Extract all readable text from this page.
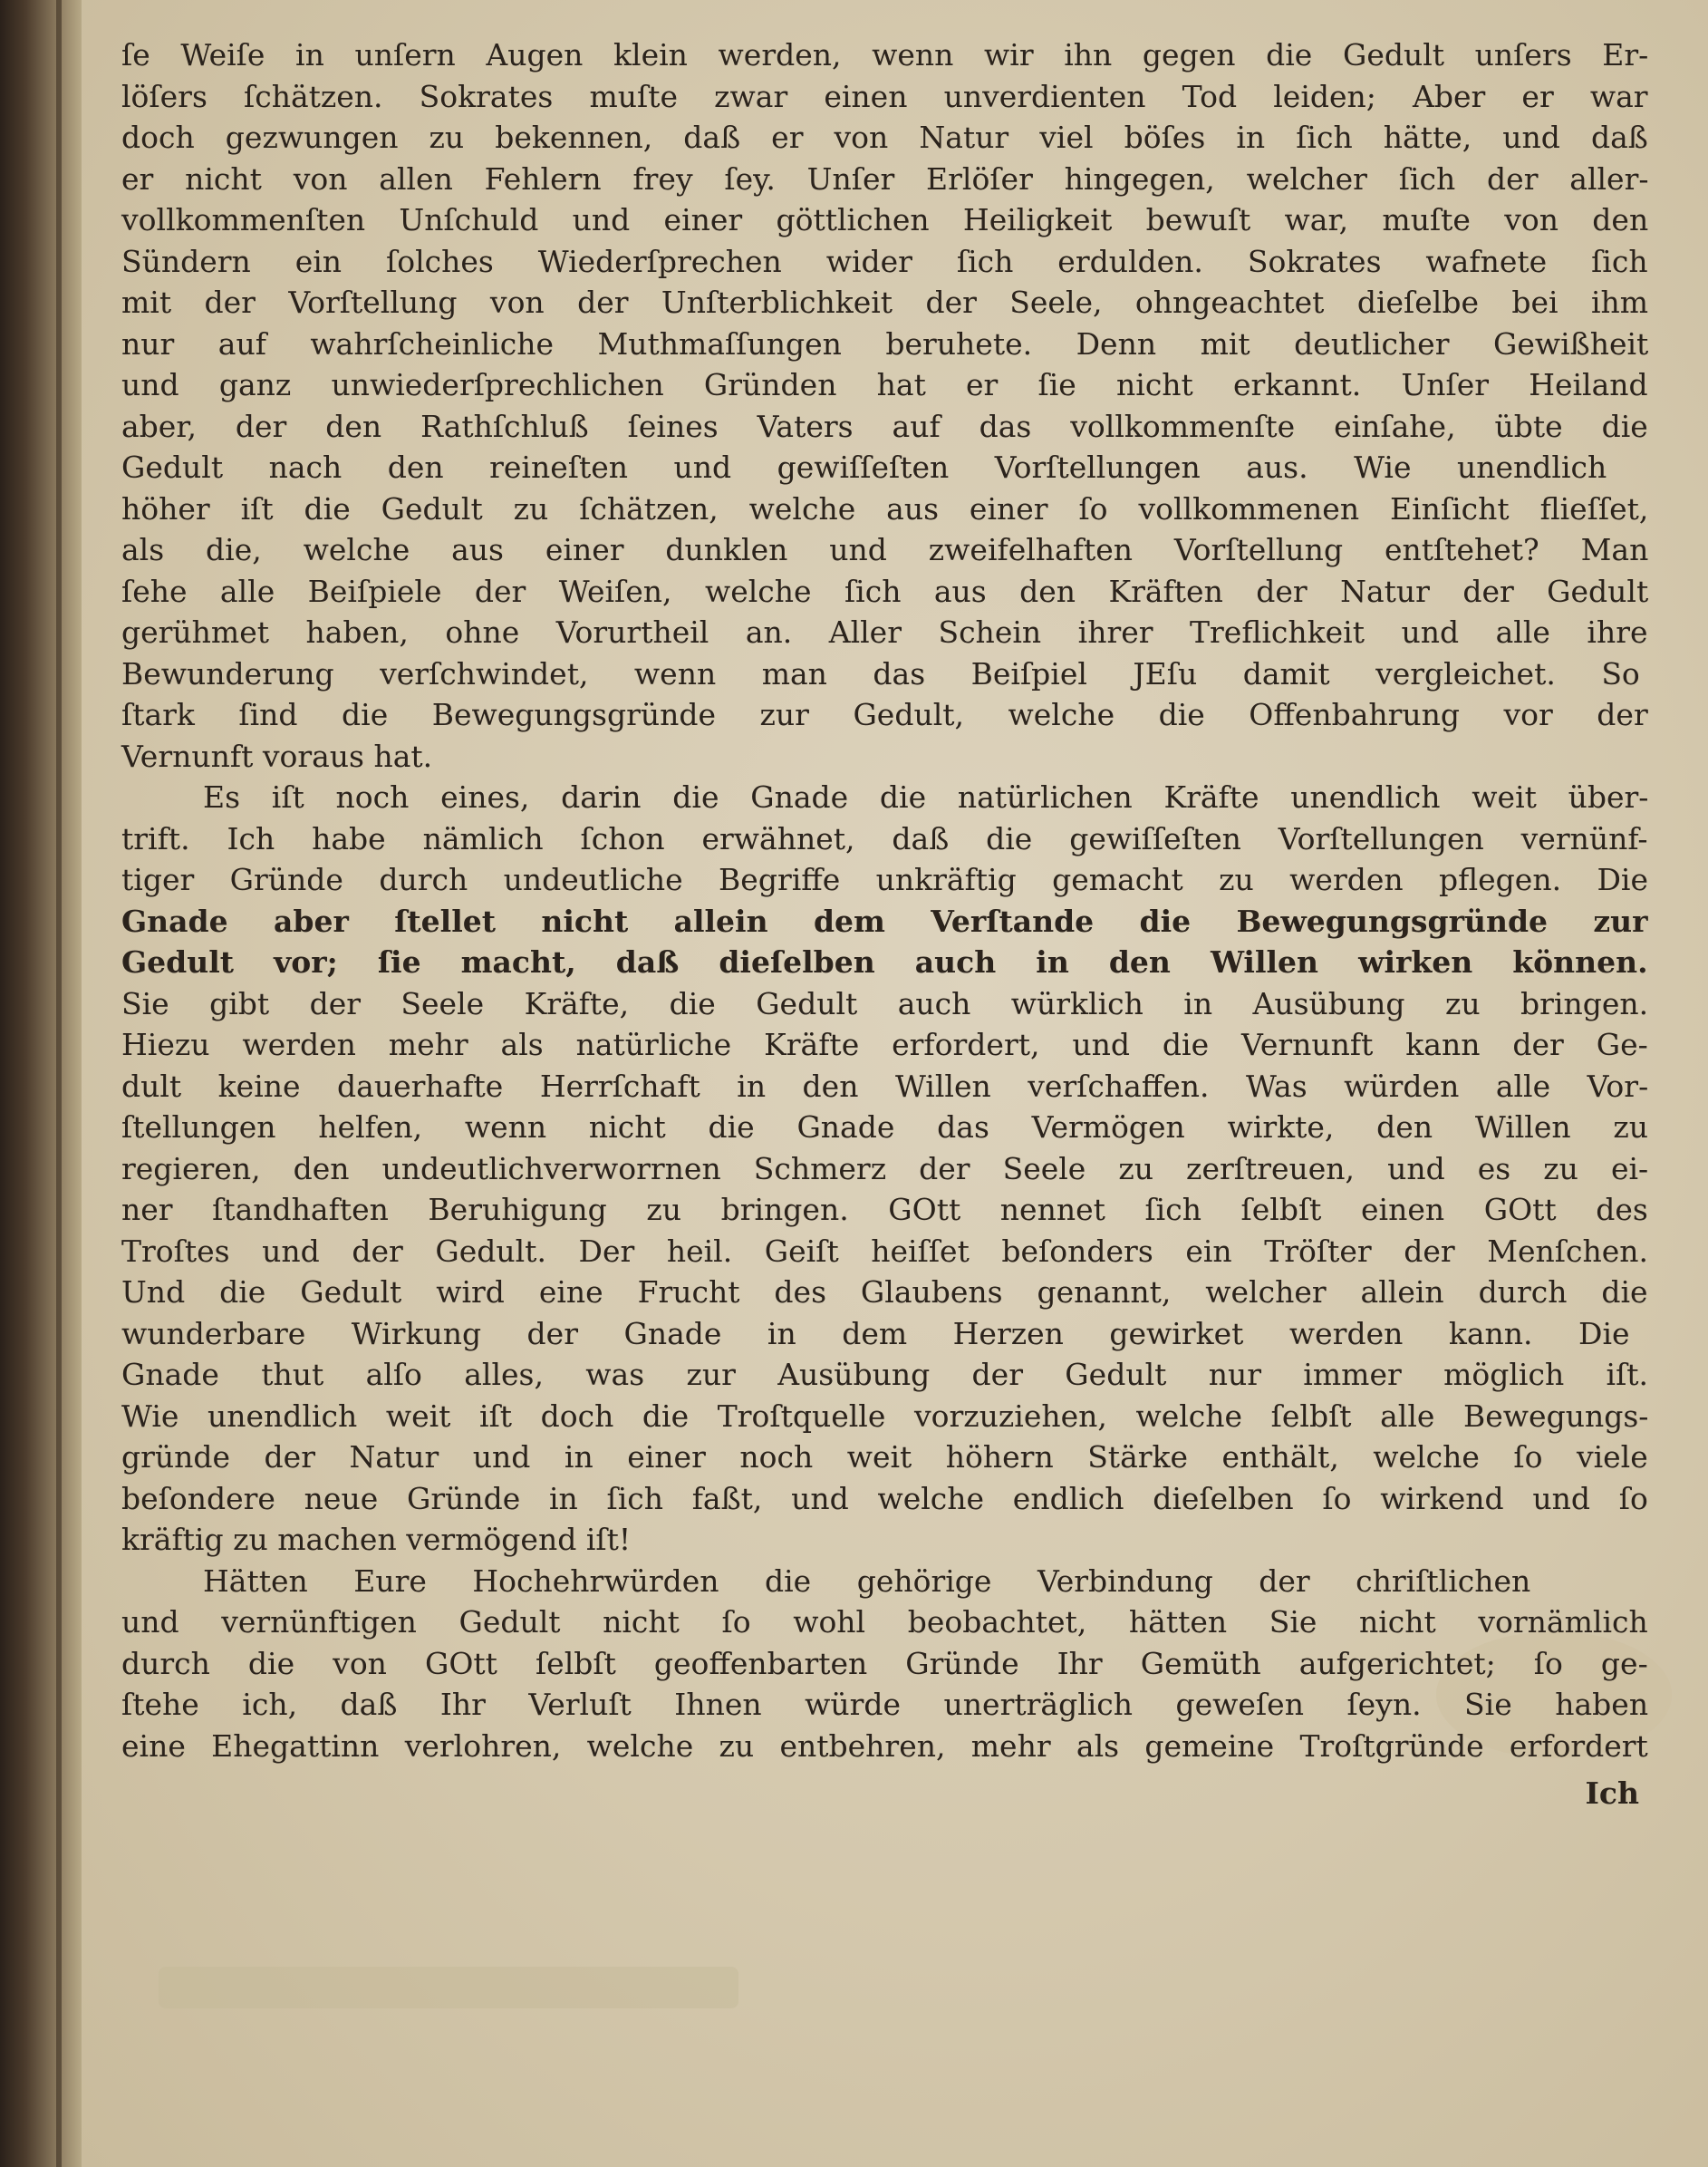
ſe Weiſe in unſern Augen klein werden, wenn wir ihn gegen die Gedult unſers Er-
löſers ſchätzen. Sokrates muſte zwar einen unverdienten Tod leiden; Aber er war
doch gezwungen zu bekennen, daß er von Natur viel böſes in ſich hätte, und daß
er nicht von allen Fehlern frey ſey. Unſer Erlöſer hingegen, welcher ſich der aller-
vollkommenſten Unſchuld und einer göttlichen Heiligkeit bewuſt war, muſte von den
Sündern ein ſolches Wiederſprechen wider ſich erdulden. Sokrates wafnete ſich
mit der Vorſtellung von der Unſterblichkeit der Seele, ohngeachtet dieſelbe bei ihm
nur auf wahrſcheinliche Muthmaſſungen beruhete. Denn mit deutlicher Gewißheit
und ganz unwiederſprechlichen Gründen hat er ſie nicht erkannt. Unſer Heiland
aber, der den Rathſchluß ſeines Vaters auf das vollkommenſte einſahe, übte die
Gedult nach den reineſten und gewiſſeſten Vorſtellungen aus. Wie unendlich
höher iſt die Gedult zu ſchätzen, welche aus einer ſo vollkommenen Einſicht flieſſet,
als die, welche aus einer dunklen und zweifelhaften Vorſtellung entſtehet? Man
ſehe alle Beiſpiele der Weiſen, welche ſich aus den Kräften der Natur der Gedult
gerühmet haben, ohne Vorurtheil an. Aller Schein ihrer Treflichkeit und alle ihre
Bewunderung verſchwindet, wenn man das Beiſpiel JEſu damit vergleichet. So
ſtark ſind die Bewegungsgründe zur Gedult, welche die Offenbahrung vor der
Vernunft voraus hat.
Es iſt noch eines, darin die Gnade die natürlichen Kräfte unendlich weit über-
trift. Ich habe nämlich ſchon erwähnet, daß die gewiſſeſten Vorſtellungen vernünf-
tiger Gründe durch undeutliche Begriffe unkräftig gemacht zu werden pflegen. Die
Gnade aber ſtellet nicht allein dem Verſtande die Bewegungsgründe zur
Gedult vor; ſie macht, daß dieſelben auch in den Willen wirken können.
Sie gibt der Seele Kräfte, die Gedult auch würklich in Ausübung zu bringen.
Hiezu werden mehr als natürliche Kräfte erfordert, und die Vernunft kann der Ge-
dult keine dauerhafte Herrſchaft in den Willen verſchaffen. Was würden alle Vor-
ſtellungen helfen, wenn nicht die Gnade das Vermögen wirkte, den Willen zu
regieren, den undeutlichverworrnen Schmerz der Seele zu zerſtreuen, und es zu ei-
ner ſtandhaften Beruhigung zu bringen. GOtt nennet ſich ſelbſt einen GOtt des
Troſtes und der Gedult. Der heil. Geiſt heiſſet beſonders ein Tröſter der Menſchen.
Und die Gedult wird eine Frucht des Glaubens genannt, welcher allein durch die
wunderbare Wirkung der Gnade in dem Herzen gewirket werden kann. Die
Gnade thut alſo alles, was zur Ausübung der Gedult nur immer möglich iſt.
Wie unendlich weit iſt doch die Troſtquelle vorzuziehen, welche ſelbſt alle Bewegungs-
gründe der Natur und in einer noch weit höhern Stärke enthält, welche ſo viele
beſondere neue Gründe in ſich faßt, und welche endlich dieſelben ſo wirkend und ſo
kräftig zu machen vermögend iſt!
Hätten Eure Hochehrwürden die gehörige Verbindung der chriſtlichen
und vernünftigen Gedult nicht ſo wohl beobachtet, hätten Sie nicht vornämlich
durch die von GOtt ſelbſt geoffenbarten Gründe Ihr Gemüth aufgerichtet; ſo ge-
ſtehe ich, daß Ihr Verluſt Ihnen würde unerträglich geweſen ſeyn. Sie haben
eine Ehegattinn verlohren, welche zu entbehren, mehr als gemeine Troſtgründe erfordert
Ich
